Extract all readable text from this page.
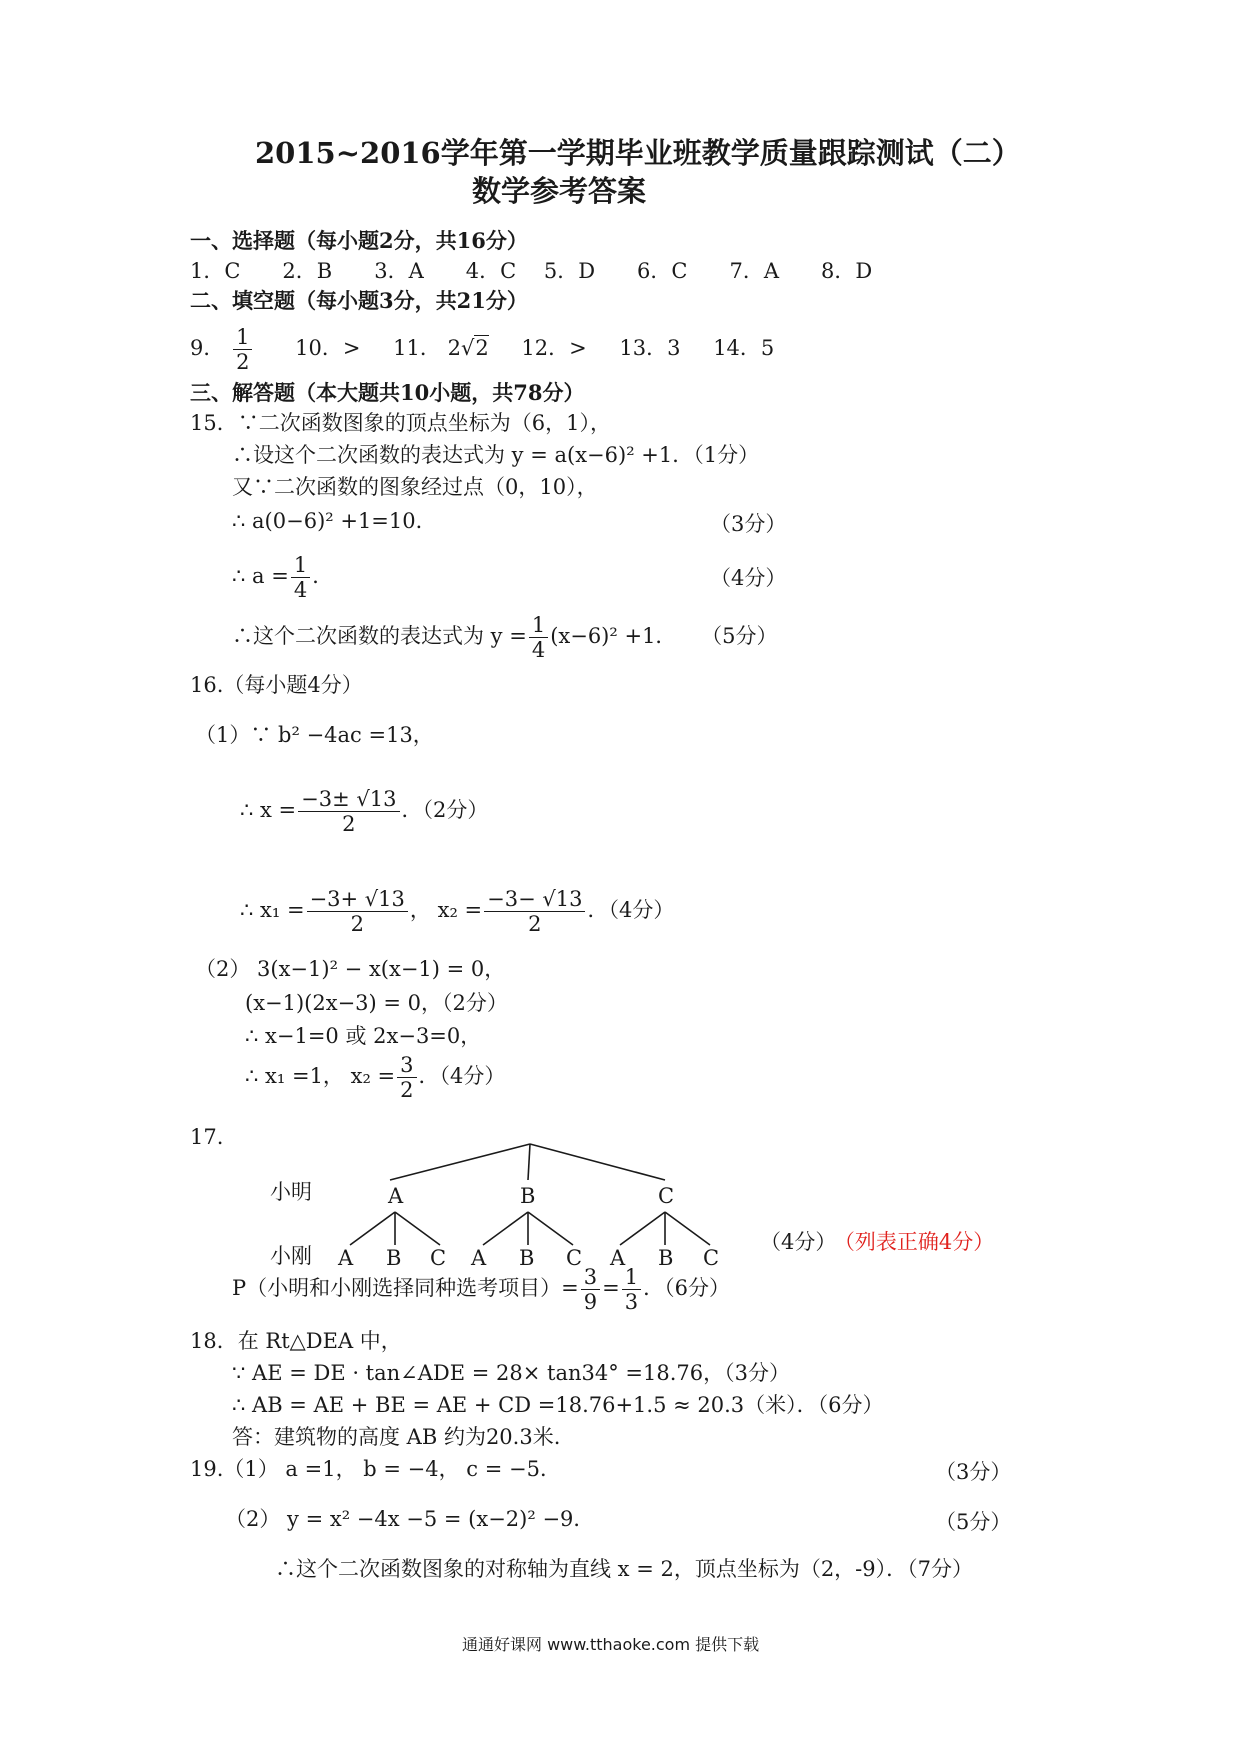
2015~2016学年第一学期毕业班教学质量跟踪测试（二）
数学参考答案
一、选择题（每小题2分，共16分）
1．C　　2．B　　3．A　　4．C　 5．D　　6．C　　7．A　　8．D
二、填空题（每小题3分，共21分）
9． $\frac{1}{2} 10$．> 11． 2√2 12．> 13．3 14．5
三、解答题（本大题共10小题，共78分）
15．∵二次函数图象的顶点坐标为（6，1），
∴设这个二次函数的表达式为 y = a(x−6)² +1．（1分）
又∵二次函数的图象经过点（0，10），
∴ a(0−6)² +1=10．	（3分）
∴ $a = \frac{1}{4}$ ．	（4分）
∴这个二次函数的表达式为 $y = \frac{1}{4} (x-6)^2 +1$． （5分）
16.（每小题4分）
（1）∵ b² −4ac =13，
∴ $x = \frac{-3\pm √13}{2}$ ．（2分）
∴ $x_1 = \frac{-3+ √13}{2}$ ， $x_2 = \frac{-3- √13}{2}$ ．（4分）
（2） 3(x−1)² − x(x−1) = 0，
(x−1)(2x−3) = 0，（2分）
∴ x−1=0 或 2x−3=0，
∴ x₁ =1， $x_2 = \frac{3}{2}$ ．（4分）
17.
小明
小刚
A	B	C
A B C A B C A B C
（4分） （列表正确4分）
P（小明和小刚选择同种选考项目）= $\frac{3}{9} = \frac{1}{3}$ ．（6分）
18．在 Rt△DEA 中，
∵ AE = DE · tan∠ADE = 28× tan34° =18.76，（3分）
∴ AB = AE + BE = AE + CD =18.76+1.5 ≈ 20.3（米）．（6分）
答：建筑物的高度 AB 约为20.3米.
19.（1） a =1， b = −4， c = −5．	（3分）
（2） y = x² −4x −5 = (x−2)² −9．	（5分）
∴这个二次函数图象的对称轴为直线 x = 2，顶点坐标为（2，-9）．（7分）
通通好课网 www.tthaoke.com 提供下载
